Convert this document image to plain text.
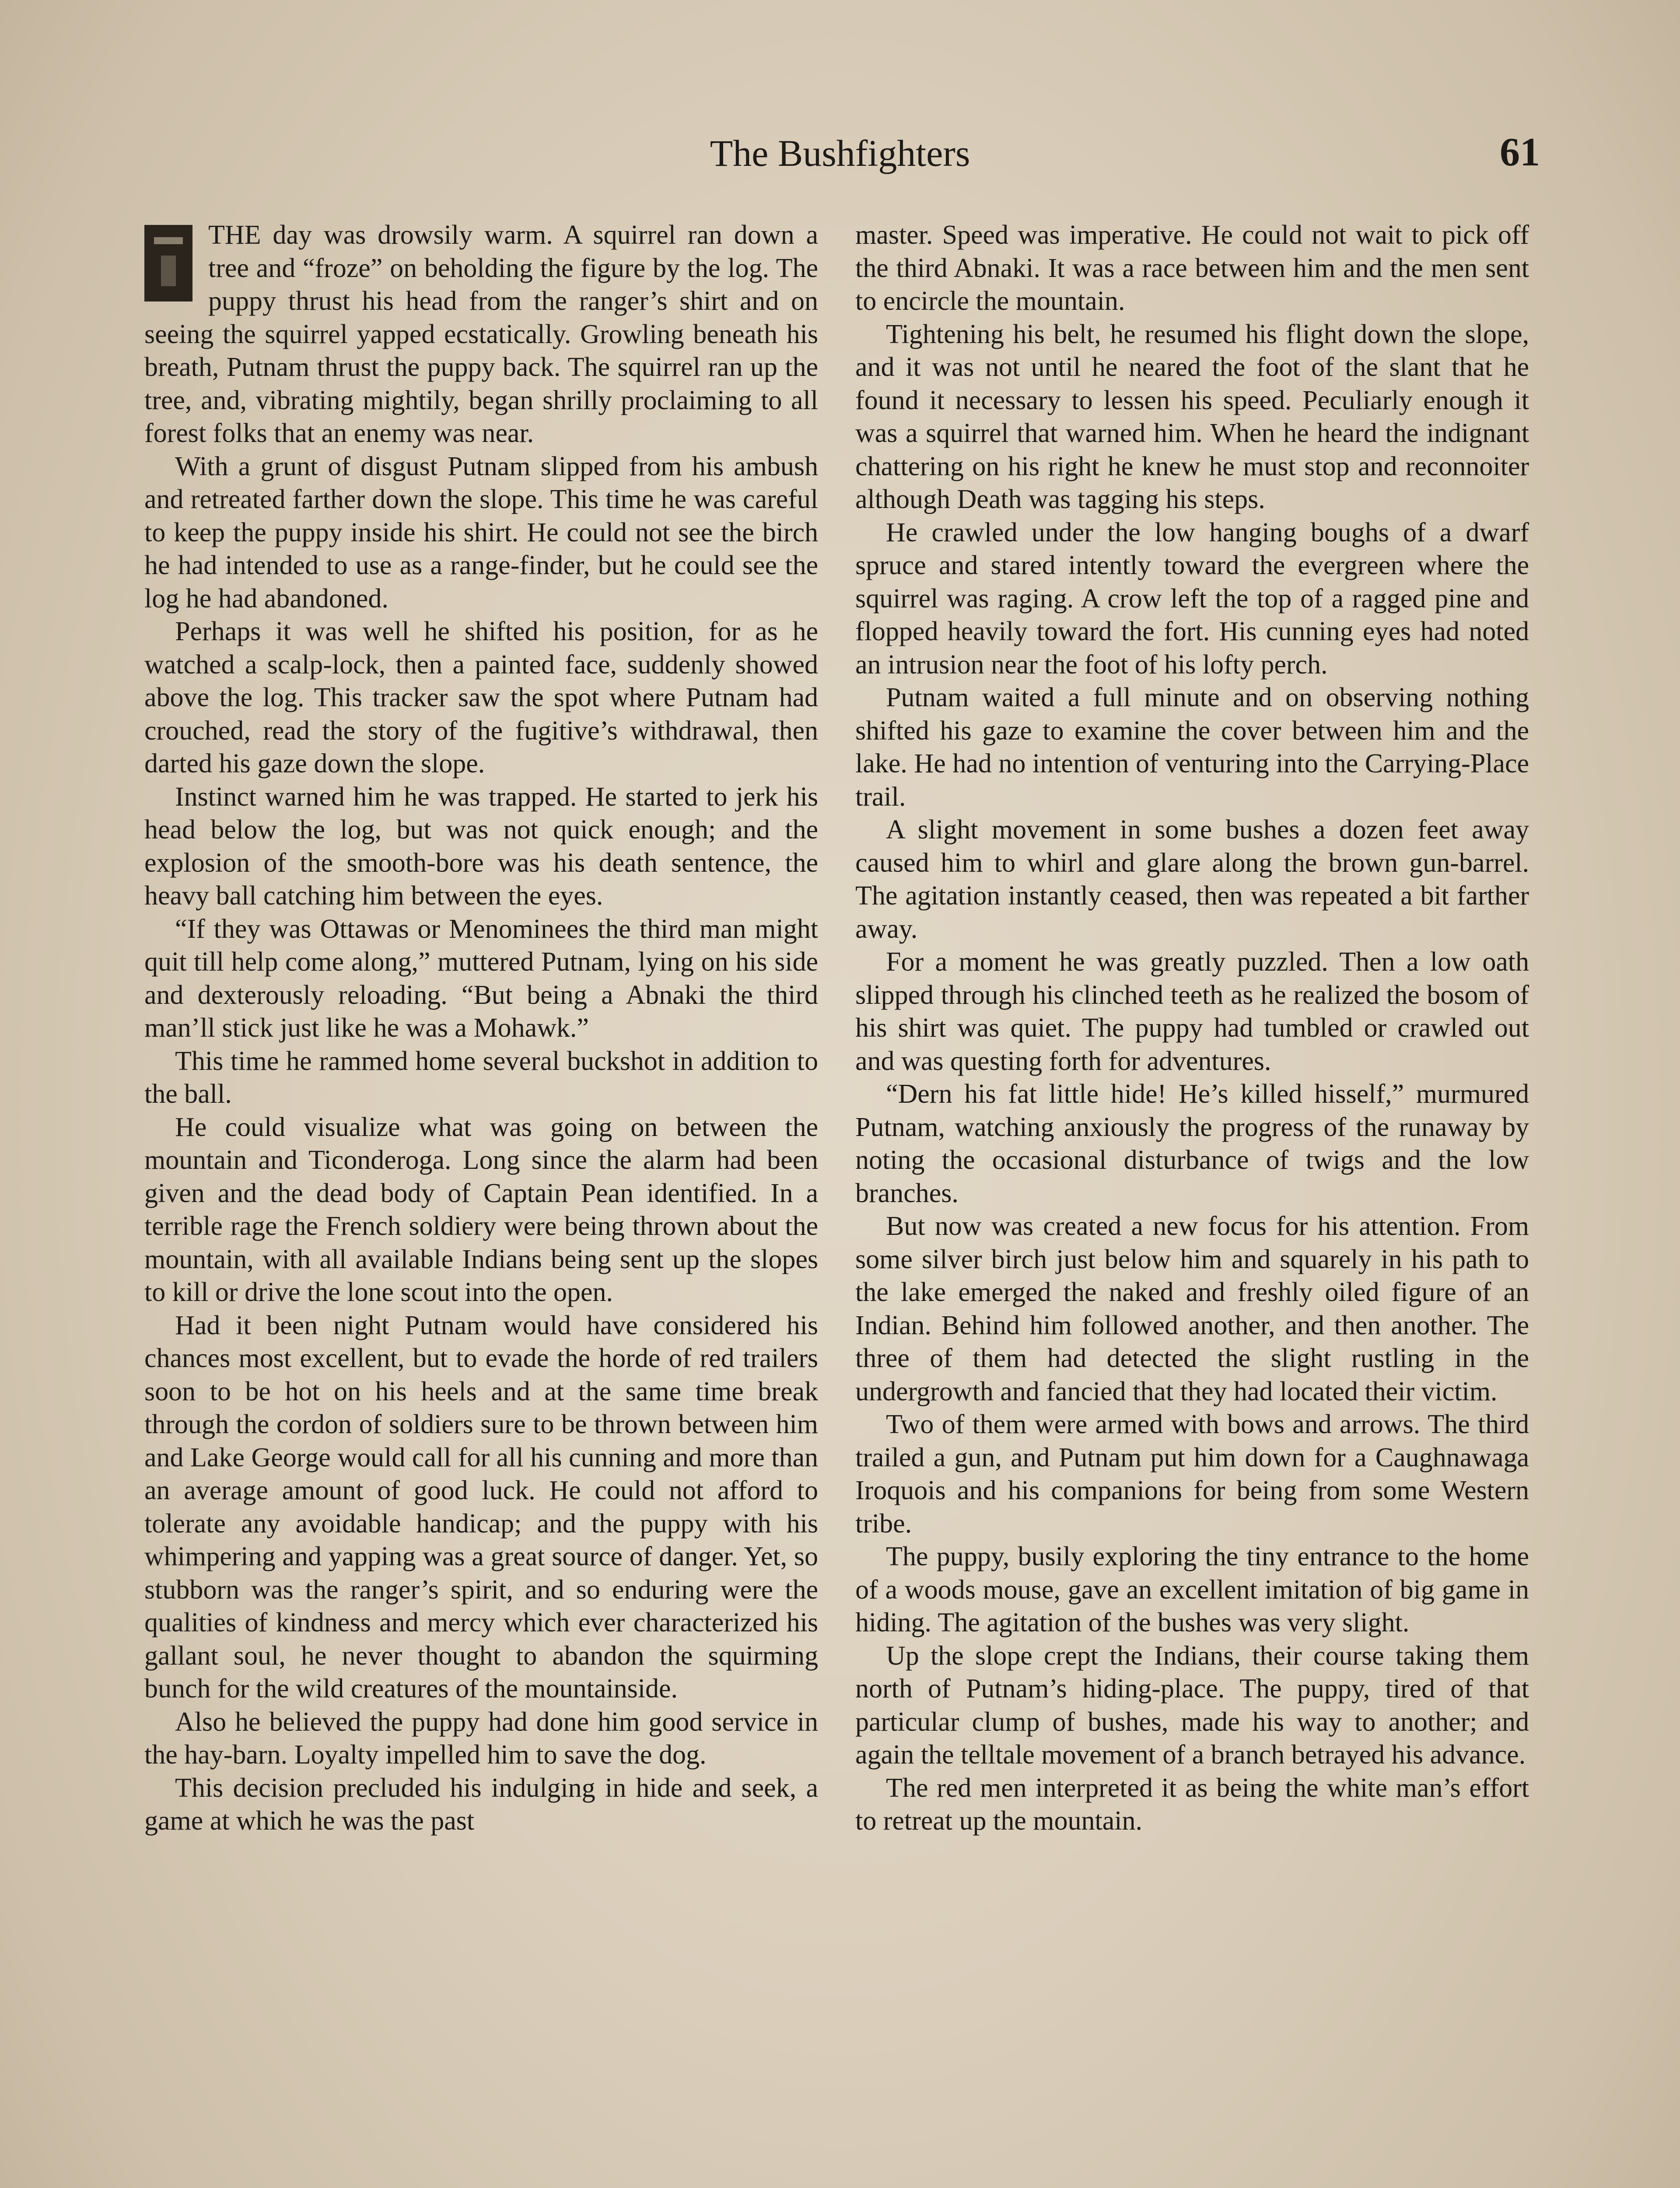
The Bushfighters	61

THE day was drowsily warm. A squirrel ran down a tree and “froze” on beholding the figure by the log. The puppy thrust his head from the ranger’s shirt and on seeing the squirrel yapped ecstatically. Growling beneath his breath, Putnam thrust the puppy back. The squirrel ran up the tree, and, vibrating mightily, began shrilly proclaiming to all forest folks that an enemy was near.

With a grunt of disgust Putnam slipped from his ambush and retreated farther down the slope. This time he was careful to keep the puppy inside his shirt. He could not see the birch he had intended to use as a range-finder, but he could see the log he had abandoned.

Perhaps it was well he shifted his position, for as he watched a scalp-lock, then a painted face, suddenly showed above the log. This tracker saw the spot where Putnam had crouched, read the story of the fugitive’s withdrawal, then darted his gaze down the slope.

Instinct warned him he was trapped. He started to jerk his head below the log, but was not quick enough; and the explosion of the smooth-bore was his death sentence, the heavy ball catching him between the eyes.

“If they was Ottawas or Menominees the third man might quit till help come along,” muttered Putnam, lying on his side and dexterously reloading. “But being a Abnaki the third man’ll stick just like he was a Mohawk.”

This time he rammed home several buckshot in addition to the ball.

He could visualize what was going on between the mountain and Ticonderoga. Long since the alarm had been given and the dead body of Captain Pean identified. In a terrible rage the French soldiery were being thrown about the mountain, with all available Indians being sent up the slopes to kill or drive the lone scout into the open.

Had it been night Putnam would have considered his chances most excellent, but to evade the horde of red trailers soon to be hot on his heels and at the same time break through the cordon of soldiers sure to be thrown between him and Lake George would call for all his cunning and more than an average amount of good luck. He could not afford to tolerate any avoidable handicap; and the puppy with his whimpering and yapping was a great source of danger. Yet, so stubborn was the ranger’s spirit, and so enduring were the qualities of kindness and mercy which ever characterized his gallant soul, he never thought to abandon the squirming bunch for the wild creatures of the mountainside.

Also he believed the puppy had done him good service in the hay-barn. Loyalty impelled him to save the dog.

This decision precluded his indulging in hide and seek, a game at which he was the past

master. Speed was imperative. He could not wait to pick off the third Abnaki. It was a race between him and the men sent to encircle the mountain.

Tightening his belt, he resumed his flight down the slope, and it was not until he neared the foot of the slant that he found it necessary to lessen his speed. Peculiarly enough it was a squirrel that warned him. When he heard the indignant chattering on his right he knew he must stop and reconnoiter although Death was tagging his steps.

He crawled under the low hanging boughs of a dwarf spruce and stared intently toward the evergreen where the squirrel was raging. A crow left the top of a ragged pine and flopped heavily toward the fort. His cunning eyes had noted an intrusion near the foot of his lofty perch.

Putnam waited a full minute and on observing nothing shifted his gaze to examine the cover between him and the lake. He had no intention of venturing into the Carrying-Place trail.

A slight movement in some bushes a dozen feet away caused him to whirl and glare along the brown gun-barrel. The agitation instantly ceased, then was repeated a bit farther away.

For a moment he was greatly puzzled. Then a low oath slipped through his clinched teeth as he realized the bosom of his shirt was quiet. The puppy had tumbled or crawled out and was questing forth for adventures.

“Dern his fat little hide! He’s killed hisself,” murmured Putnam, watching anxiously the progress of the runaway by noting the occasional disturbance of twigs and the low branches.

But now was created a new focus for his attention. From some silver birch just below him and squarely in his path to the lake emerged the naked and freshly oiled figure of an Indian. Behind him followed another, and then another. The three of them had detected the slight rustling in the undergrowth and fancied that they had located their victim.

Two of them were armed with bows and arrows. The third trailed a gun, and Putnam put him down for a Caughnawaga Iroquois and his companions for being from some Western tribe.

The puppy, busily exploring the tiny entrance to the home of a woods mouse, gave an excellent imitation of big game in hiding. The agitation of the bushes was very slight.

Up the slope crept the Indians, their course taking them north of Putnam’s hiding-place. The puppy, tired of that particular clump of bushes, made his way to another; and again the telltale movement of a branch betrayed his advance.

The red men interpreted it as being the white man’s effort to retreat up the mountain.
